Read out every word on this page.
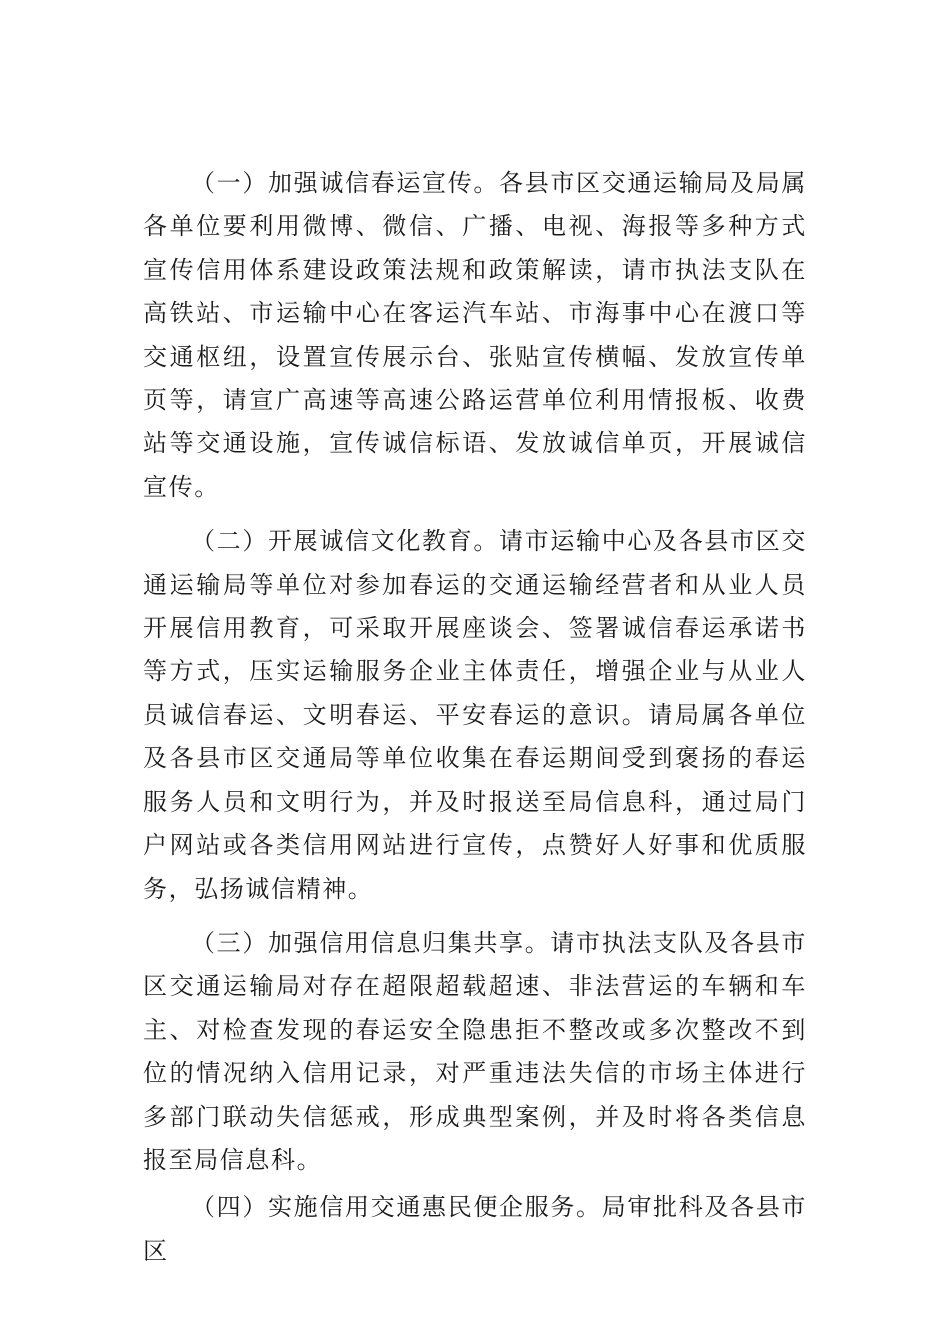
（一）加强诚信春运宣传。各县市区交通运输局及局属各单位要利用微博、微信、广播、电视、海报等多种方式宣传信用体系建设政策法规和政策解读，请市执法支队在高铁站、市运输中心在客运汽车站、市海事中心在渡口等交通枢纽，设置宣传展示台、张贴宣传横幅、发放宣传单页等，请宣广高速等高速公路运营单位利用情报板、收费站等交通设施，宣传诚信标语、发放诚信单页，开展诚信宣传。

（二）开展诚信文化教育。请市运输中心及各县市区交通运输局等单位对参加春运的交通运输经营者和从业人员开展信用教育，可采取开展座谈会、签署诚信春运承诺书等方式，压实运输服务企业主体责任，增强企业与从业人员诚信春运、文明春运、平安春运的意识。请局属各单位及各县市区交通局等单位收集在春运期间受到褒扬的春运服务人员和文明行为，并及时报送至局信息科，通过局门户网站或各类信用网站进行宣传，点赞好人好事和优质服务，弘扬诚信精神。

（三）加强信用信息归集共享。请市执法支队及各县市区交通运输局对存在超限超载超速、非法营运的车辆和车主、对检查发现的春运安全隐患拒不整改或多次整改不到位的情况纳入信用记录，对严重违法失信的市场主体进行多部门联动失信惩戒，形成典型案例，并及时将各类信息报至局信息科。

（四）实施信用交通惠民便企服务。局审批科及各县市区
